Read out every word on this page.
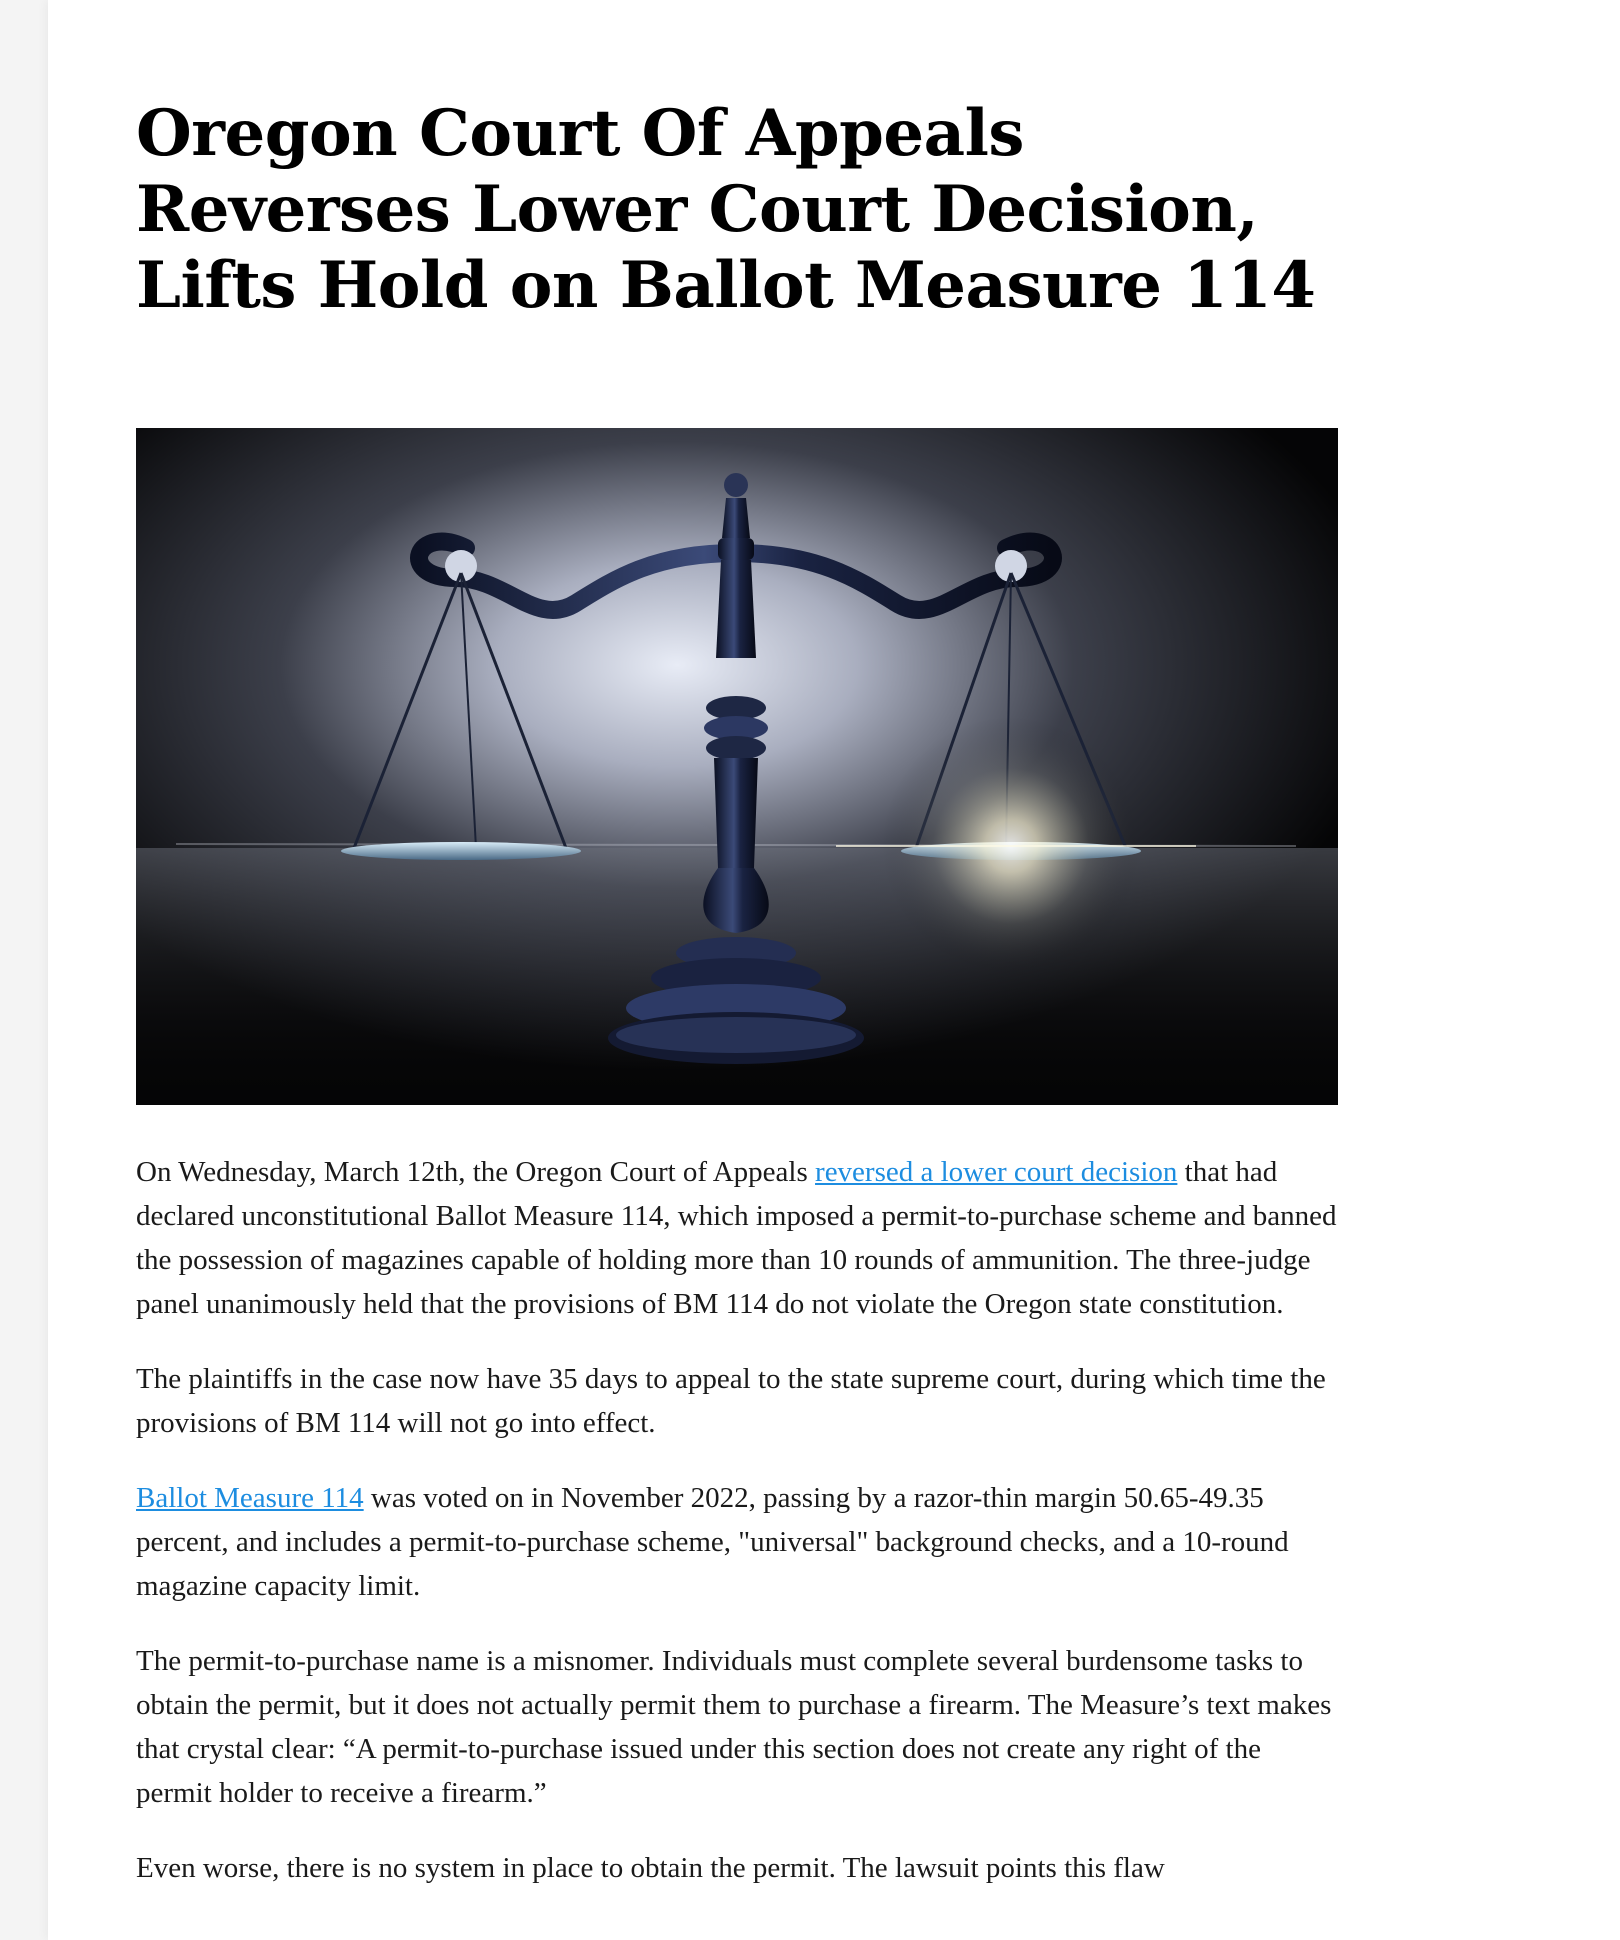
Oregon Court Of Appeals Reverses Lower Court Decision, Lifts Hold on Ballot Measure 114

On Wednesday, March 12th, the Oregon Court of Appeals reversed a lower court decision that had declared unconstitutional Ballot Measure 114, which imposed a permit-to-purchase scheme and banned the possession of magazines capable of holding more than 10 rounds of ammunition. The three-judge panel unanimously held that the provisions of BM 114 do not violate the Oregon state constitution.

The plaintiffs in the case now have 35 days to appeal to the state supreme court, during which time the provisions of BM 114 will not go into effect.

Ballot Measure 114 was voted on in November 2022, passing by a razor-thin margin 50.65-49.35 percent, and includes a permit-to-purchase scheme, "universal" background checks, and a 10-round magazine capacity limit.

The permit-to-purchase name is a misnomer. Individuals must complete several burdensome tasks to obtain the permit, but it does not actually permit them to purchase a firearm. The Measure’s text makes that crystal clear: “A permit-to-purchase issued under this section does not create any right of the permit holder to receive a firearm.”

Even worse, there is no system in place to obtain the permit. The lawsuit points this flaw
